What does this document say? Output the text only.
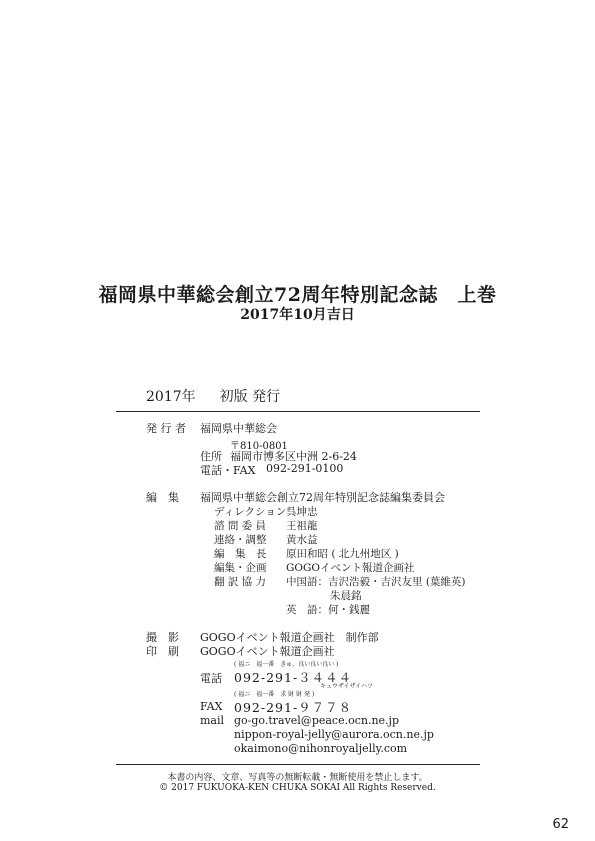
福岡県中華総会創立72周年特別記念誌　上巻
2017年10月吉日
2017年 初版 発行
発 行 者 福岡県中華総会
〒810-0801
住所 福岡市博多区中洲 2-6-24
電話・FAX 092-291-0100
編　集 福岡県中華総会創立72周年特別記念誌編集委員会
ディレクション 呉坤忠
諮 問 委 員 王祖龍
連絡・調整 黄水益
編　集　長 原田和昭 ( 北九州地区 )
編集・企画 GOGOイベント報道企画社
翻 訳 協 力 中国語：吉沢浩毅・吉沢友里 (葉維英)
朱晨銘
英　語：何・銭麗
撮　影 GOGOイベント報道企画社　制作部
印　刷 GOGOイベント報道企画社
( 福ニ　福一番　きゅ、良い良い良い )
電話 092-291-３４４４
キュウザイザイハツ
( 福ニ　福一番　求 財 財 発 )
FAX 092-291-９７７８
mail go-go.travel@peace.ocn.ne.jp
nippon-royal-jelly@aurora.ocn.ne.jp
okaimono@nihonroyaljelly.com
本書の内容、文章、写真等の無断転載・無断使用を禁止します。
© 2017 FUKUOKA-KEN CHUKA SOKAI All Rights Reserved.
62
